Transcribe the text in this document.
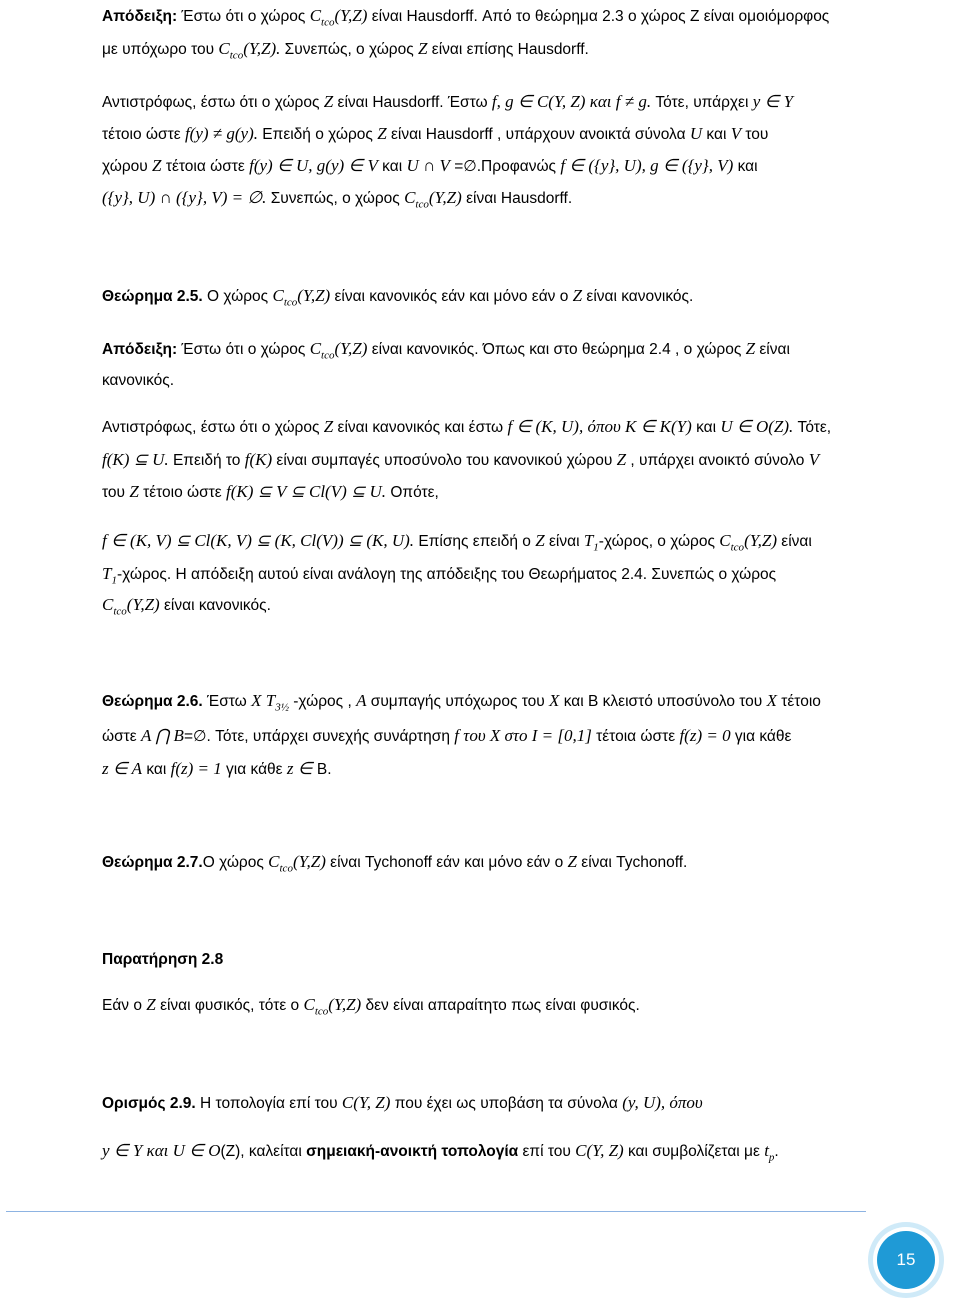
Απόδειξη: Έστω ότι ο χώρος $C_{tco}(Y,Z)$ είναι Hausdorff. Από το θεώρημα 2.3 ο χώρος Z είναι ομοιόμορφος
με υπόχωρο του $C_{tco}(Y,Z)$. Συνεπώς, ο χώρος Z είναι επίσης Hausdorff.
Αντιστρόφως, έστω ότι ο χώρος Z είναι Hausdorff. Έστω f, g ∈ C(Y, Z) και f ≠ g. Τότε, υπάρχει y ∈ Y
τέτοιο ώστε f(y) ≠ g(y). Επειδή ο χώρος Z είναι Hausdorff , υπάρχουν ανοικτά σύνολα U και V του
χώρου Z τέτοια ώστε f(y) ∈ U, g(y) ∈ V και U ∩ V =∅.Προφανώς f ∈ ({y}, U), g ∈ ({y}, V) και
({y}, U) ∩ ({y}, V) = ∅. Συνεπώς, ο χώρος $C_{tco}(Y,Z)$ είναι Hausdorff.
Θεώρημα 2.5. Ο χώρος $C_{tco}(Y,Z)$ είναι κανονικός εάν και μόνο εάν ο Z είναι κανονικός.
Απόδειξη: Έστω ότι ο χώρος $C_{tco}(Y,Z)$ είναι κανονικός. Όπως και στο θεώρημα 2.4 , ο χώρος Z είναι
κανονικός.
Αντιστρόφως, έστω ότι ο χώρος Z είναι κανονικός και έστω f ∈ (K, U), όπου K ∈ K(Y) και U ∈ O(Z). Τότε,
f(K) ⊆ U. Επειδή το f(K) είναι συμπαγές υποσύνολο του κανονικού χώρου Z , υπάρχει ανοικτό σύνολο V
του Z τέτοιο ώστε f(K) ⊆ V ⊆ Cl(V) ⊆ U. Οπότε,
f ∈ (K, V) ⊆ Cl(K, V) ⊆ (K, Cl(V)) ⊆ (K, U). Επίσης επειδή ο Z είναι $T_1$-χώρος, ο χώρος $C_{tco}(Y,Z)$ είναι
$T_1$-χώρος. Η απόδειξη αυτού είναι ανάλογη της απόδειξης του Θεωρήματος 2.4. Συνεπώς ο χώρος
$C_{tco}(Y,Z)$ είναι κανονικός.
Θεώρημα 2.6. Έστω X $T_{3\frac{1}{2}}$ -χώρος , A συμπαγής υπόχωρος του X και B κλειστό υποσύνολο του X τέτοιο
ώστε A ⋂ B=∅. Τότε, υπάρχει συνεχής συνάρτηση f του X στο I = [0,1] τέτοια ώστε f(z) = 0 για κάθε
z ∈ A και f(z) = 1 για κάθε z ∈ B.
Θεώρημα 2.7.Ο χώρος $C_{tco}(Y,Z)$ είναι Tychonoff εάν και μόνο εάν ο Z είναι Tychonoff.
Παρατήρηση 2.8
Εάν ο Z είναι φυσικός, τότε ο $C_{tco}(Y,Z)$ δεν είναι απαραίτητο πως είναι φυσικός.
Ορισμός 2.9. Η τοπολογία επί του C(Y, Z) που έχει ως υποβάση τα σύνολα (y, U), όπου
y ∈ Y και U ∈ O(Z), καλείται σημειακή-ανοικτή τοπολογία επί του C(Y, Z) και συμβολίζεται με $t_p$.
15
